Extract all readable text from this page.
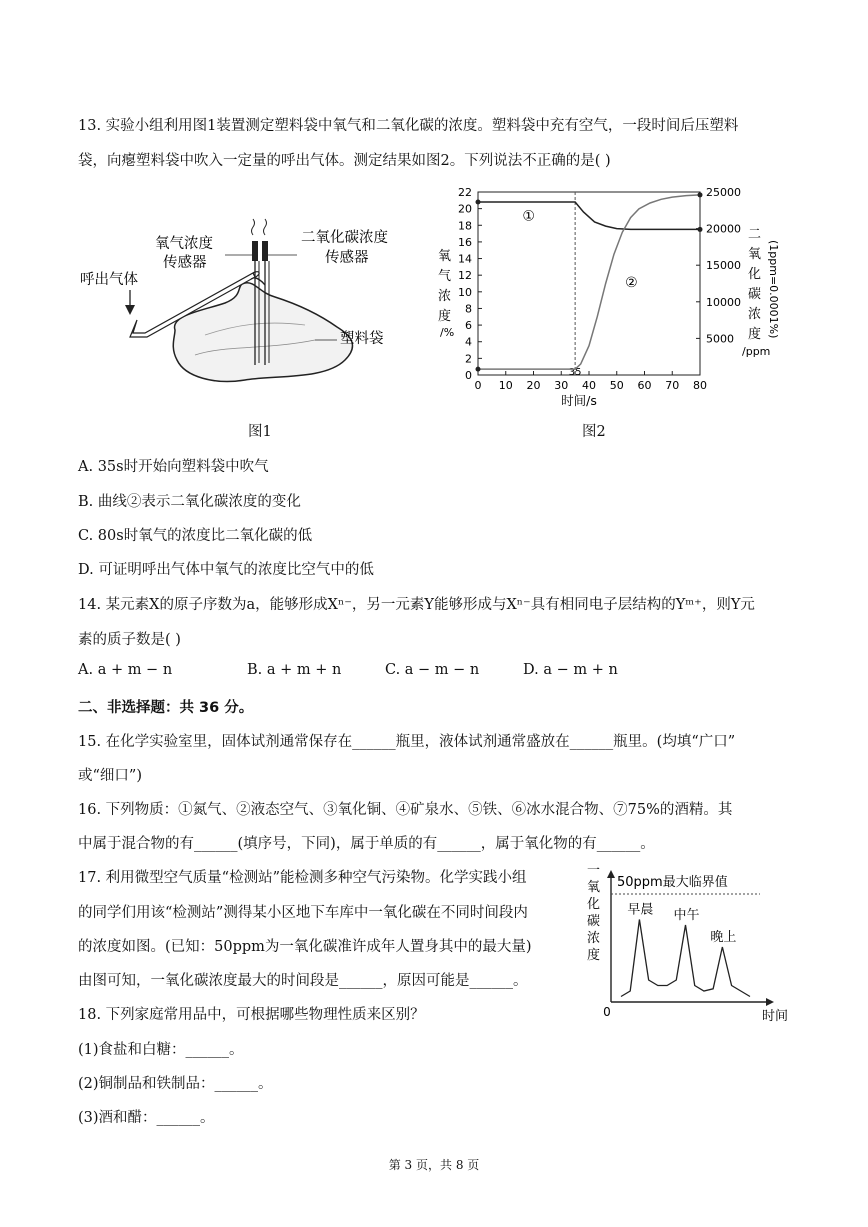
13. 实验小组利用图1装置测定塑料袋中氧气和二氧化碳的浓度。塑料袋中充有空气，一段时间后压塑料
袋，向瘪塑料袋中吹入一定量的呼出气体。测定结果如图2。下列说法不正确的是( )
氧气浓度
传感器
二氧化碳浓度
传感器
呼出气体
塑料袋
图1
0 10 20 30
35
40 50 60 70 80
0
2
4
6
8
10
12
14
16
18
20
22
5000
10000
15000
20000
25000
①
②
氧
气
浓
度
/%
二
氧
化
碳
浓
度
/ppm
(1ppm=0.0001%)
时间/s
图2
A. 35s时开始向塑料袋中吹气
B. 曲线②表示二氧化碳浓度的变化
C. 80s时氧气的浓度比二氧化碳的低
D. 可证明呼出气体中氧气的浓度比空气中的低
14. 某元素X的原子序数为a，能够形成Xⁿ⁻，另一元素Y能够形成与Xⁿ⁻具有相同电子层结构的Yᵐ⁺，则Y元
素的质子数是( )
A. a + m − n	B. a + m + n	C. a − m − n	D. a − m + n
二、非选择题：共 36 分。
15. 在化学实验室里，固体试剂通常保存在______瓶里，液体试剂通常盛放在______瓶里。(均填“广口”
或“细口”)
16. 下列物质：①氮气、②液态空气、③氧化铜、④矿泉水、⑤铁、⑥冰水混合物、⑦75%的酒精。其
中属于混合物的有______(填序号，下同)，属于单质的有______，属于氧化物的有______。
17. 利用微型空气质量“检测站”能检测多种空气污染物。化学实践小组
的同学们用该“检测站”测得某小区地下车库中一氧化碳在不同时间段内
的浓度如图。(已知：50ppm为一氧化碳准许成年人置身其中的最大量)
由图可知，一氧化碳浓度最大的时间段是______，原因可能是______。
50ppm最大临界值
早晨 中午
晚上
一
氧
化
碳
浓
度
0	时间
18. 下列家庭常用品中，可根据哪些物理性质来区别？
(1)食盐和白糖：______。
(2)铜制品和铁制品：______。
(3)酒和醋：______。
第 3 页，共 8 页
